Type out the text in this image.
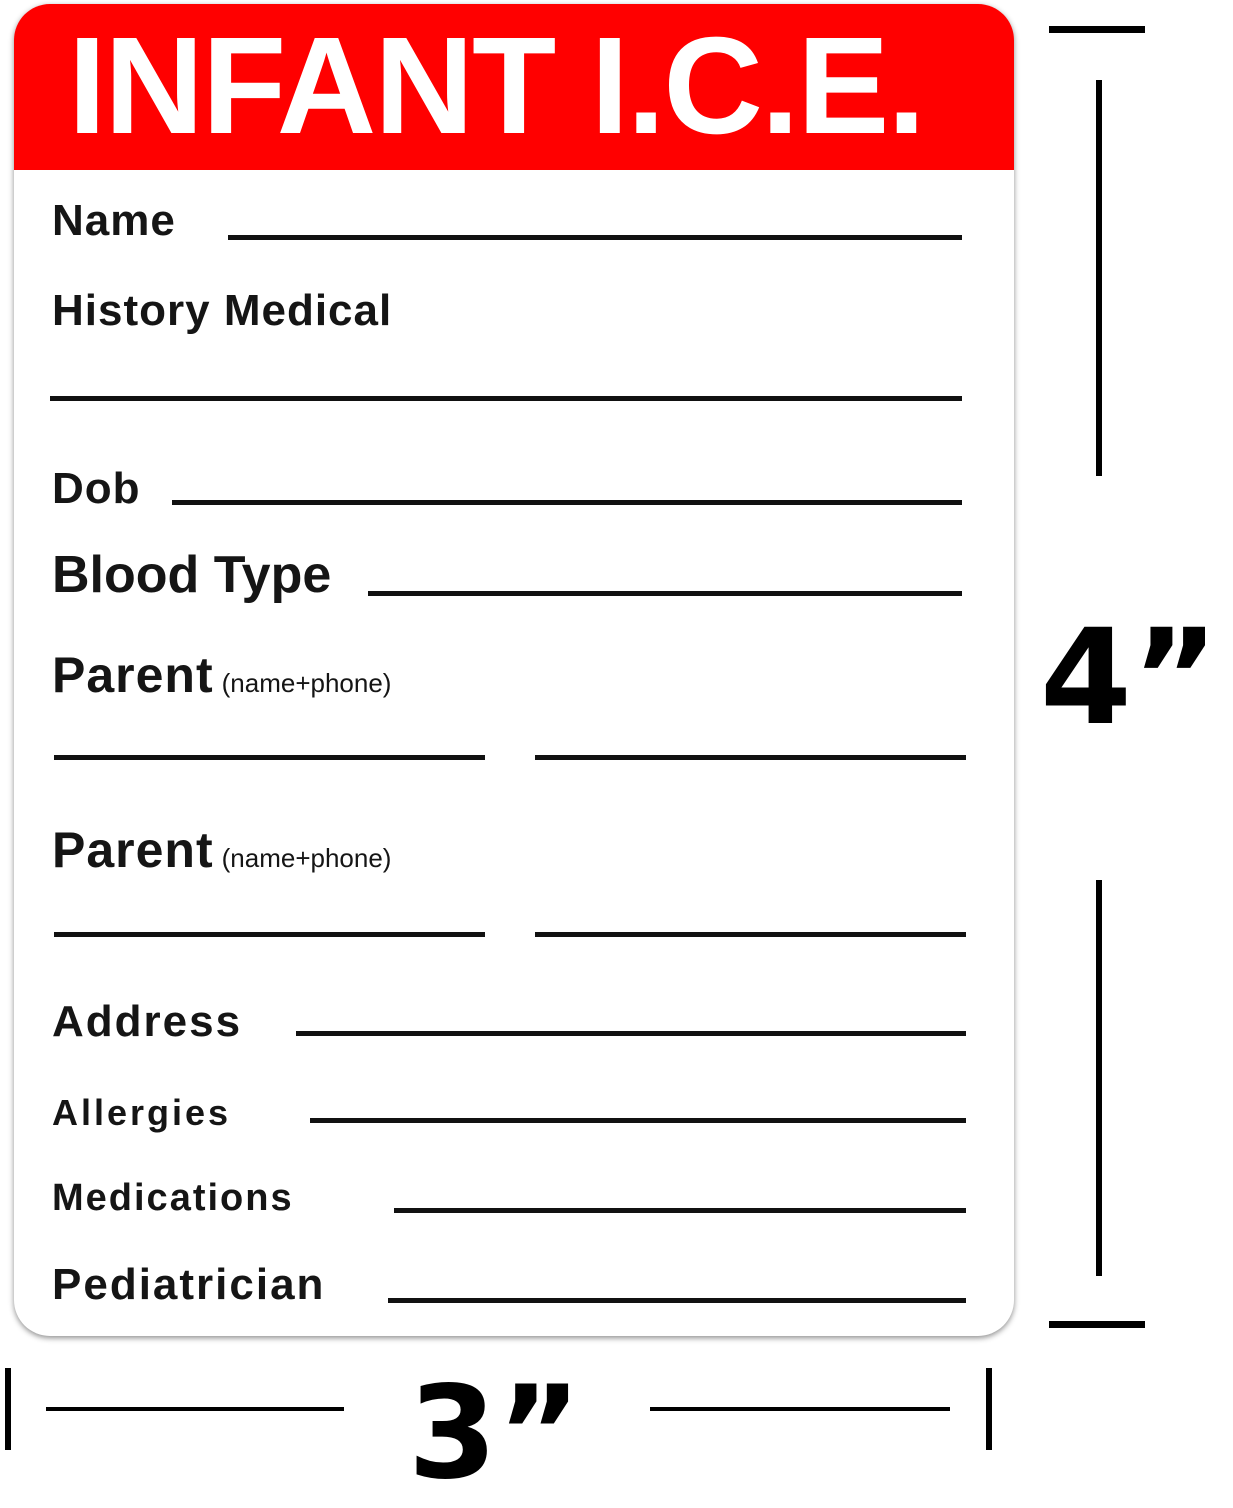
INFANT I.C.E.
Name
History Medical
Dob
Blood Type
Parent (name+phone)
Parent (name+phone)
Address
Allergies
Medications
Pediatrician
4”
3”
